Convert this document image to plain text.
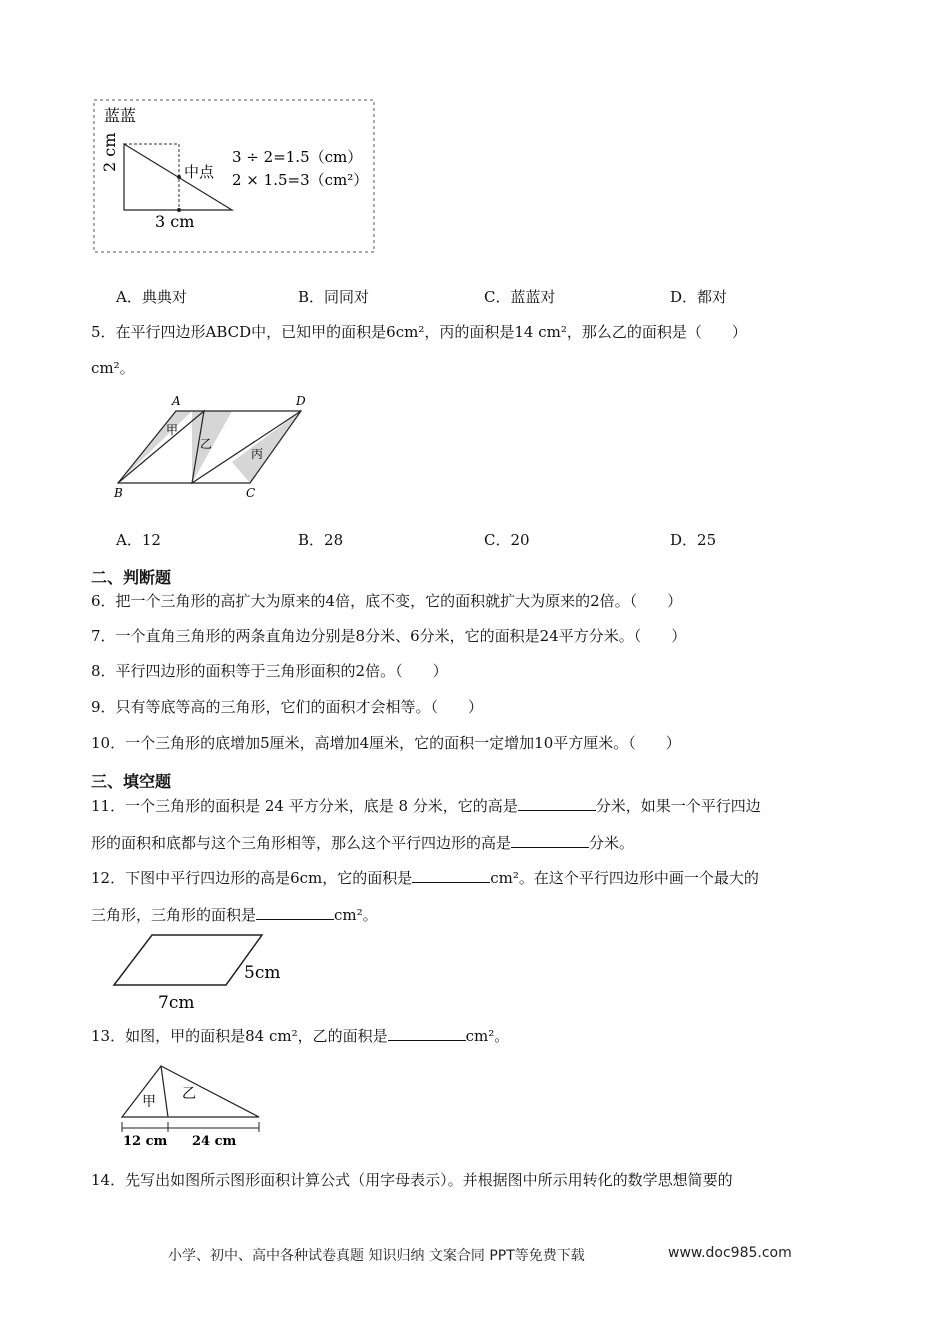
蓝蓝
2 cm
3 cm
中点
3 ÷ 2=1.5（cm）
2 × 1.5=3（cm²）
A．典典对	B．同同对	C．蓝蓝对	D．都对
5．在平行四边形ABCD中，已知甲的面积是6cm²，丙的面积是14 cm²，那么乙的面积是（　　）
cm²。
A	D
B	C
甲
乙
丙
A．12	B．28	C．20	D．25
二、判断题
6．把一个三角形的高扩大为原来的4倍，底不变，它的面积就扩大为原来的2倍。（　　）
7．一个直角三角形的两条直角边分别是8分米、6分米，它的面积是24平方分米。（　　）
8．平行四边形的面积等于三角形面积的2倍。（　　）
9．只有等底等高的三角形，它们的面积才会相等。（　　）
10．一个三角形的底增加5厘米，高增加4厘米，它的面积一定增加10平方厘米。（　　）
三、填空题
11．一个三角形的面积是 24 平方分米，底是 8 分米，它的高是	分米，如果一个平行四边
形的面积和底都与这个三角形相等，那么这个平行四边形的高是	分米。
12．下图中平行四边形的高是6cm，它的面积是	cm²。在这个平行四边形中画一个最大的
三角形，三角形的面积是	cm²。
5cm
7cm
13．如图，甲的面积是84 cm²，乙的面积是	cm²。
甲 乙
12 cm 24 cm
14．先写出如图所示图形面积计算公式（用字母表示）。并根据图中所示用转化的数学思想简要的
小学、初中、高中各种试卷真题 知识归纳 文案合同 PPT等免费下载	www.doc985.com
